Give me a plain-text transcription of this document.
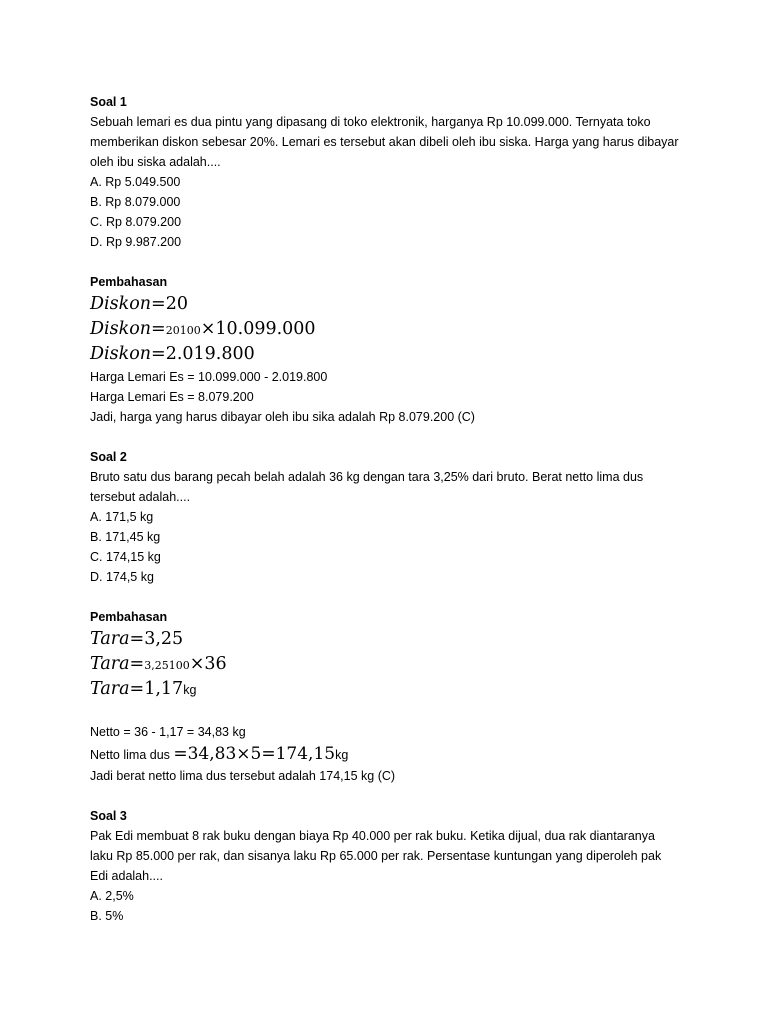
Soal 1
Sebuah lemari es dua pintu yang dipasang di toko elektronik, harganya Rp 10.099.000. Ternyata toko
memberikan diskon sebesar 20%. Lemari es tersebut akan dibeli oleh ibu siska. Harga yang harus dibayar
oleh ibu siska adalah....
A. Rp 5.049.500
B. Rp 8.079.000
C. Rp 8.079.200
D. Rp 9.987.200
Pembahasan
Diskon=20
Diskon=20100×10.099.000
Diskon=2.019.800
Harga Lemari Es = 10.099.000 - 2.019.800
Harga Lemari Es = 8.079.200
Jadi, harga yang harus dibayar oleh ibu sika adalah Rp 8.079.200 (C)
Soal 2
Bruto satu dus barang pecah belah adalah 36 kg dengan tara 3,25% dari bruto. Berat netto lima dus
tersebut adalah....
A. 171,5 kg
B. 171,45 kg
C. 174,15 kg
D. 174,5 kg
Pembahasan
Tara=3,25
Tara=3,25100×36
Tara=1,17kg
Netto = 36 - 1,17 = 34,83 kg
Netto lima dus =34,83×5=174,15kg
Jadi berat netto lima dus tersebut adalah 174,15 kg (C)
Soal 3
Pak Edi membuat 8 rak buku dengan biaya Rp 40.000 per rak buku. Ketika dijual, dua rak diantaranya
laku Rp 85.000 per rak, dan sisanya laku Rp 65.000 per rak. Persentase kuntungan yang diperoleh pak
Edi adalah....
A. 2,5%
B. 5%
